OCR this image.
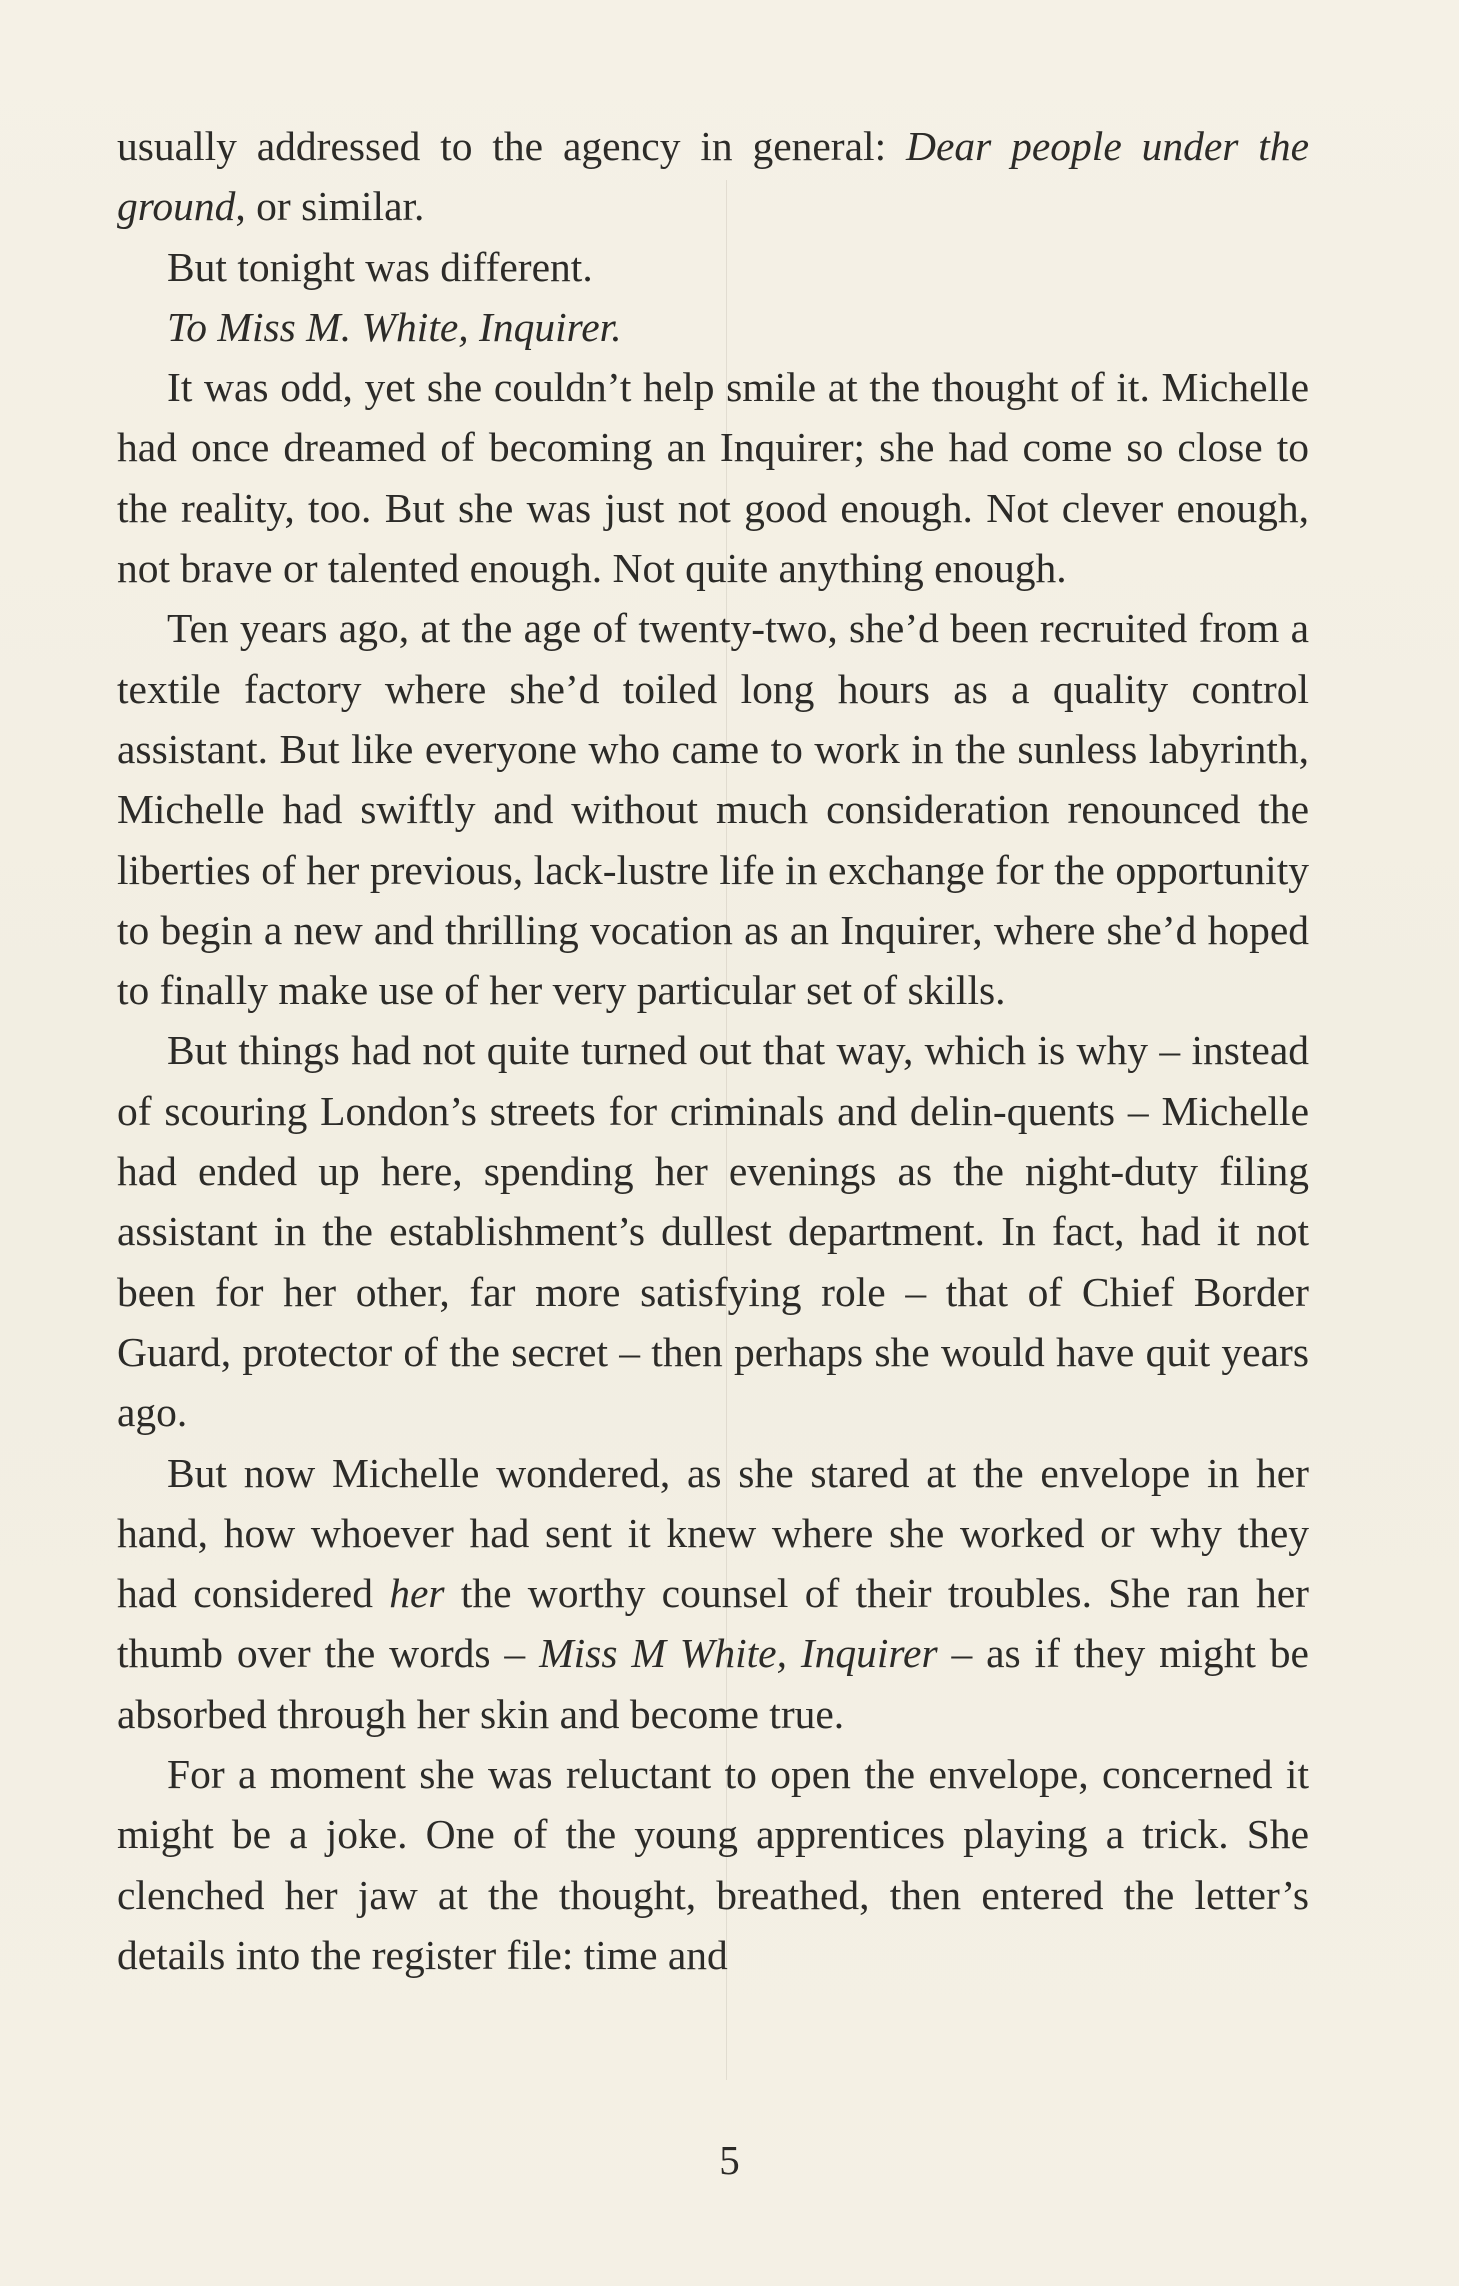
usually addressed to the agency in general: Dear people under the ground, or similar.

But tonight was different.

To Miss M. White, Inquirer.

It was odd, yet she couldn’t help smile at the thought of it. Michelle had once dreamed of becoming an Inquirer; she had come so close to the reality, too. But she was just not good enough. Not clever enough, not brave or talented enough. Not quite anything enough.

Ten years ago, at the age of twenty-two, she’d been recruited from a textile factory where she’d toiled long hours as a quality control assistant. But like everyone who came to work in the sunless labyrinth, Michelle had swiftly and without much consideration renounced the liberties of her previous, lack-lustre life in exchange for the opportunity to begin a new and thrilling vocation as an Inquirer, where she’d hoped to finally make use of her very particular set of skills.

But things had not quite turned out that way, which is why – instead of scouring London’s streets for criminals and delin-quents – Michelle had ended up here, spending her evenings as the night-duty filing assistant in the establishment’s dullest department. In fact, had it not been for her other, far more satisfying role – that of Chief Border Guard, protector of the secret – then perhaps she would have quit years ago.

But now Michelle wondered, as she stared at the envelope in her hand, how whoever had sent it knew where she worked or why they had considered her the worthy counsel of their troubles. She ran her thumb over the words – Miss M White, Inquirer – as if they might be absorbed through her skin and become true.

For a moment she was reluctant to open the envelope, concerned it might be a joke. One of the young apprentices playing a trick. She clenched her jaw at the thought, breathed, then entered the letter’s details into the register file: time and

5
